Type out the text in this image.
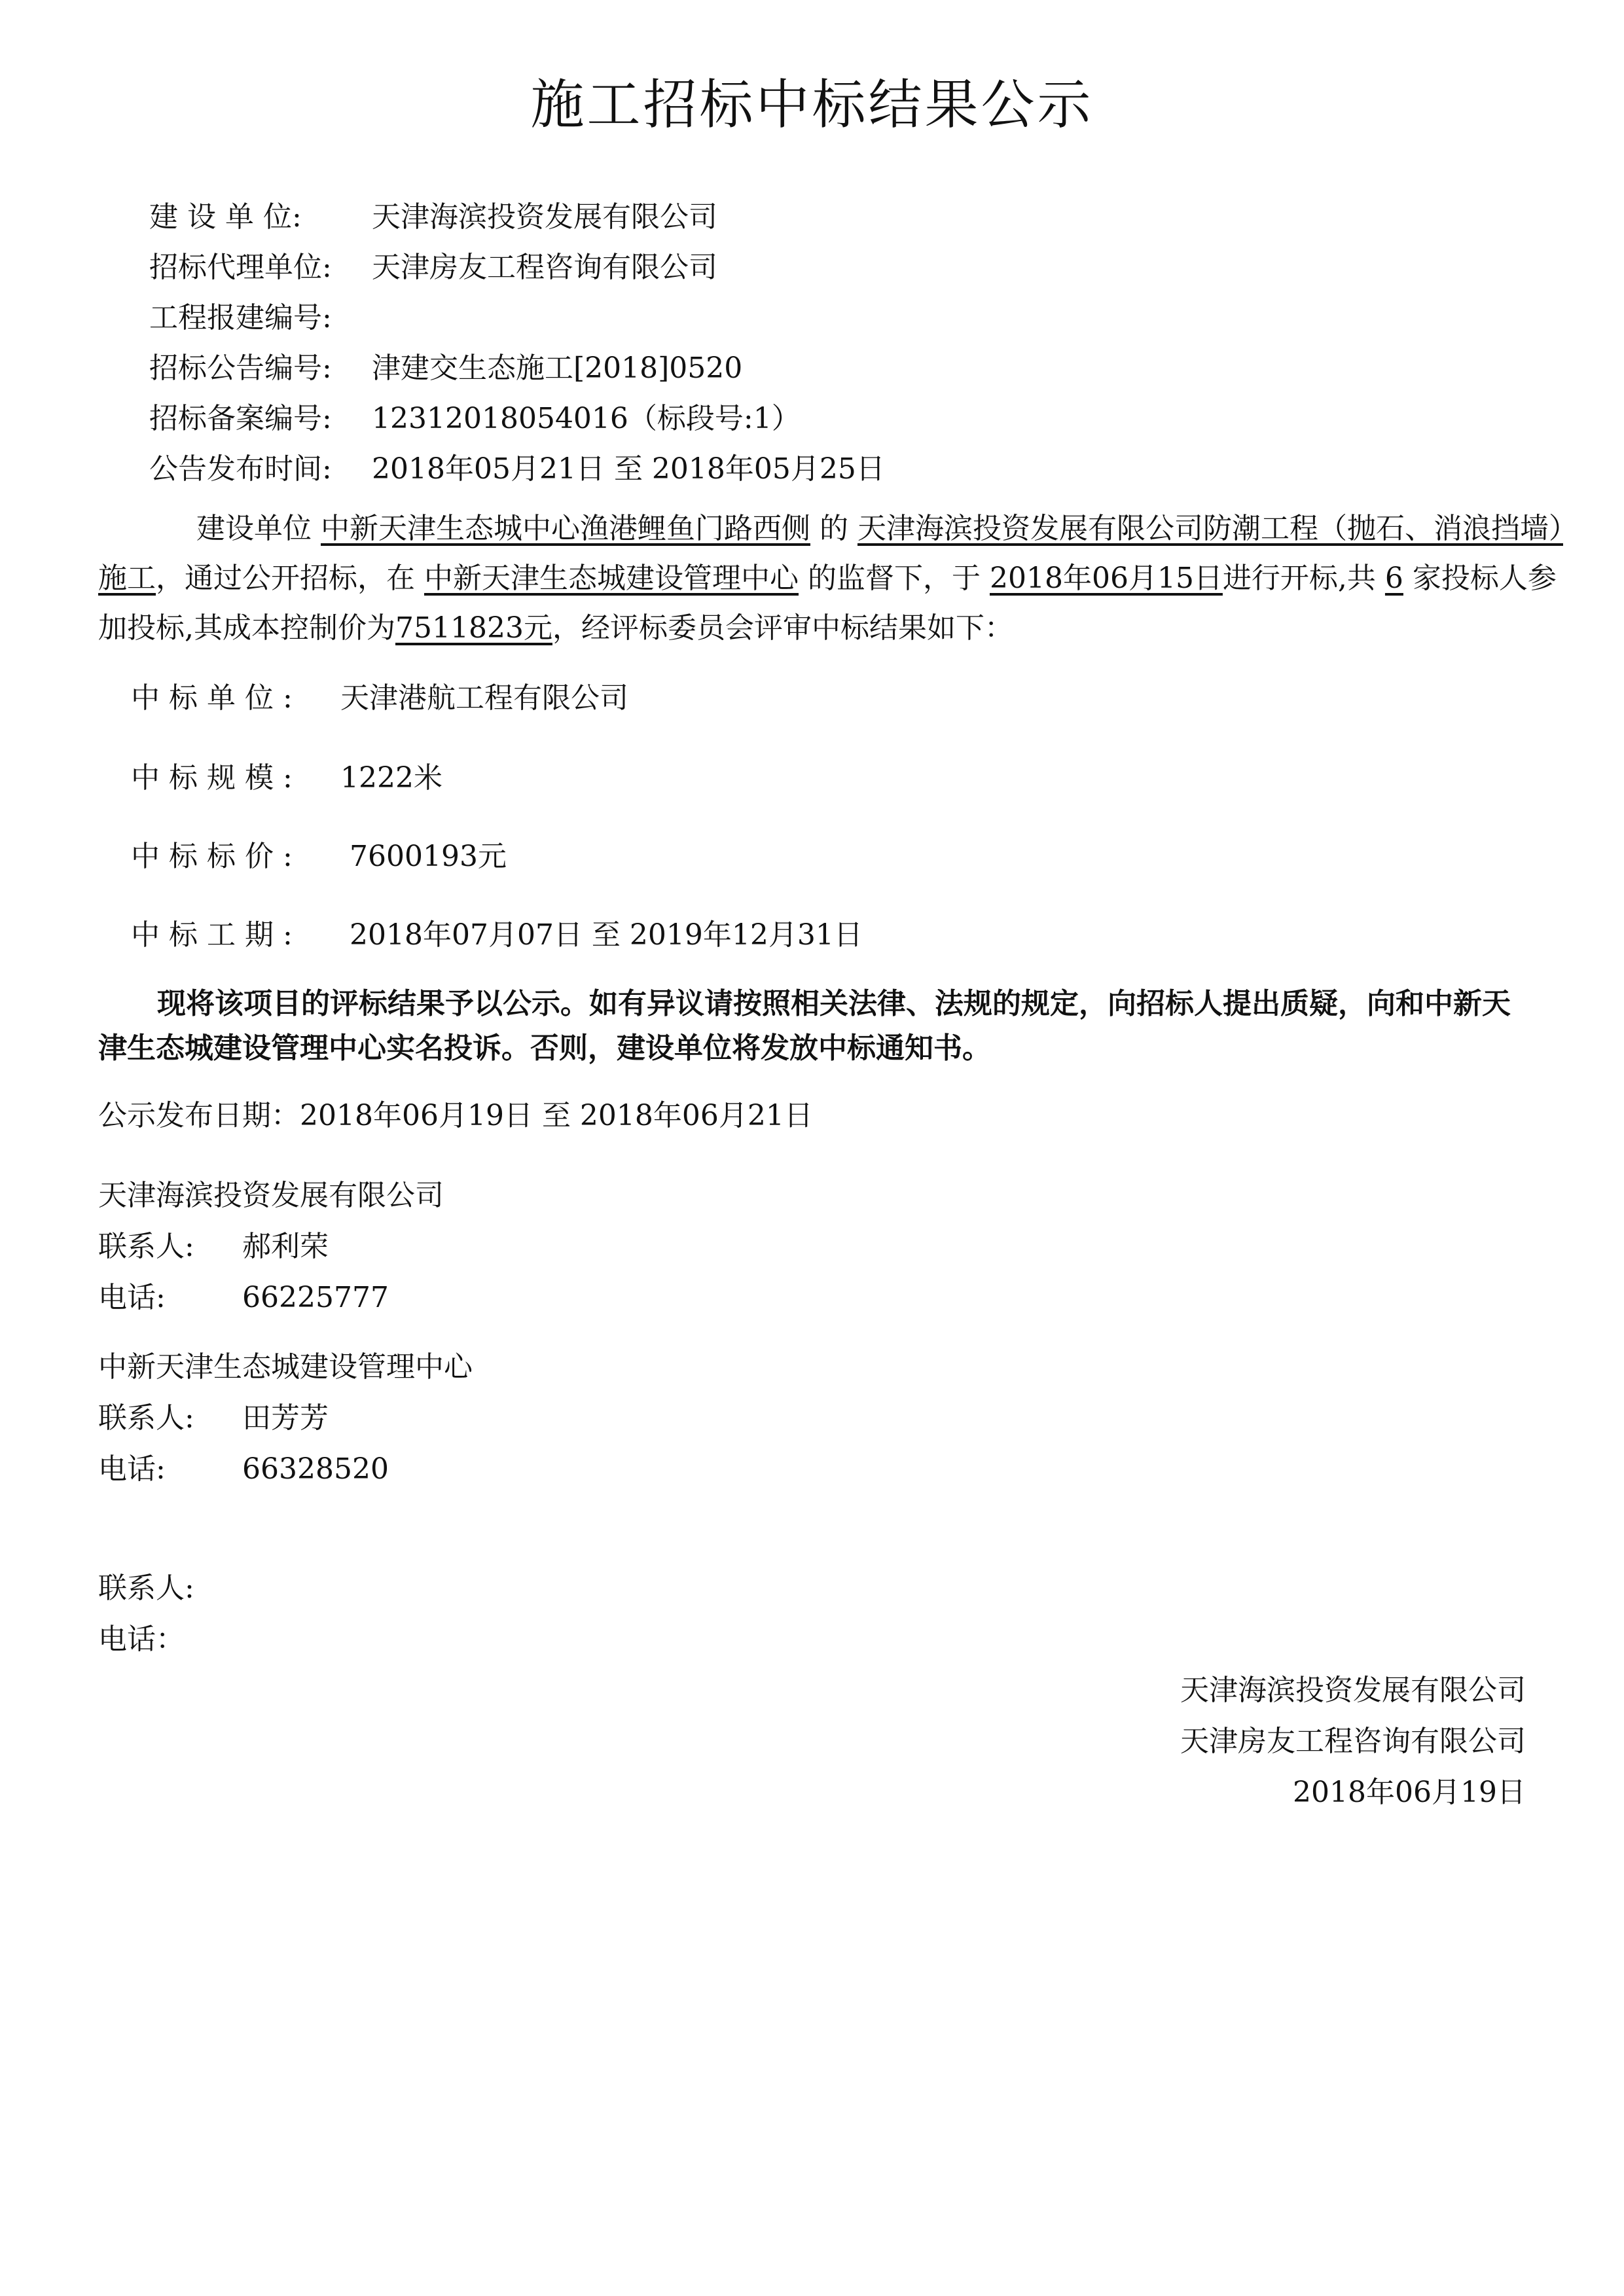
施工招标中标结果公示
建 设 单 位: 天津海滨投资发展有限公司
招标代理单位: 天津房友工程咨询有限公司
工程报建编号:
招标公告编号: 津建交生态施工[2018]0520
招标备案编号: 12312018054016（标段号:1）
公告发布时间: 2018年05月21日 至 2018年05月25日
建设单位 中新天津生态城中心渔港鲤鱼门路西侧 的 天津海滨投资发展有限公司防潮工程（抛石、消浪挡墙）施工，通过公开招标，在 中新天津生态城建设管理中心 的监督下，于 2018年06月15日进行开标,共 6 家投标人参加投标,其成本控制价为7511823元，经评标委员会评审中标结果如下：
中标单位: 天津港航工程有限公司
中标规模: 1222米
中标标价: 7600193元
中标工期: 2018年07月07日 至 2019年12月31日
现将该项目的评标结果予以公示。如有异议请按照相关法律、法规的规定，向招标人提出质疑，向和中新天津生态城建设管理中心实名投诉。否则，建设单位将发放中标通知书。
公示发布日期：2018年06月19日 至 2018年06月21日
天津海滨投资发展有限公司
联系人: 郝利荣
电话:	66225777
中新天津生态城建设管理中心
联系人: 田芳芳
电话:	66328520
联系人:
电话：
天津海滨投资发展有限公司
天津房友工程咨询有限公司
2018年06月19日
